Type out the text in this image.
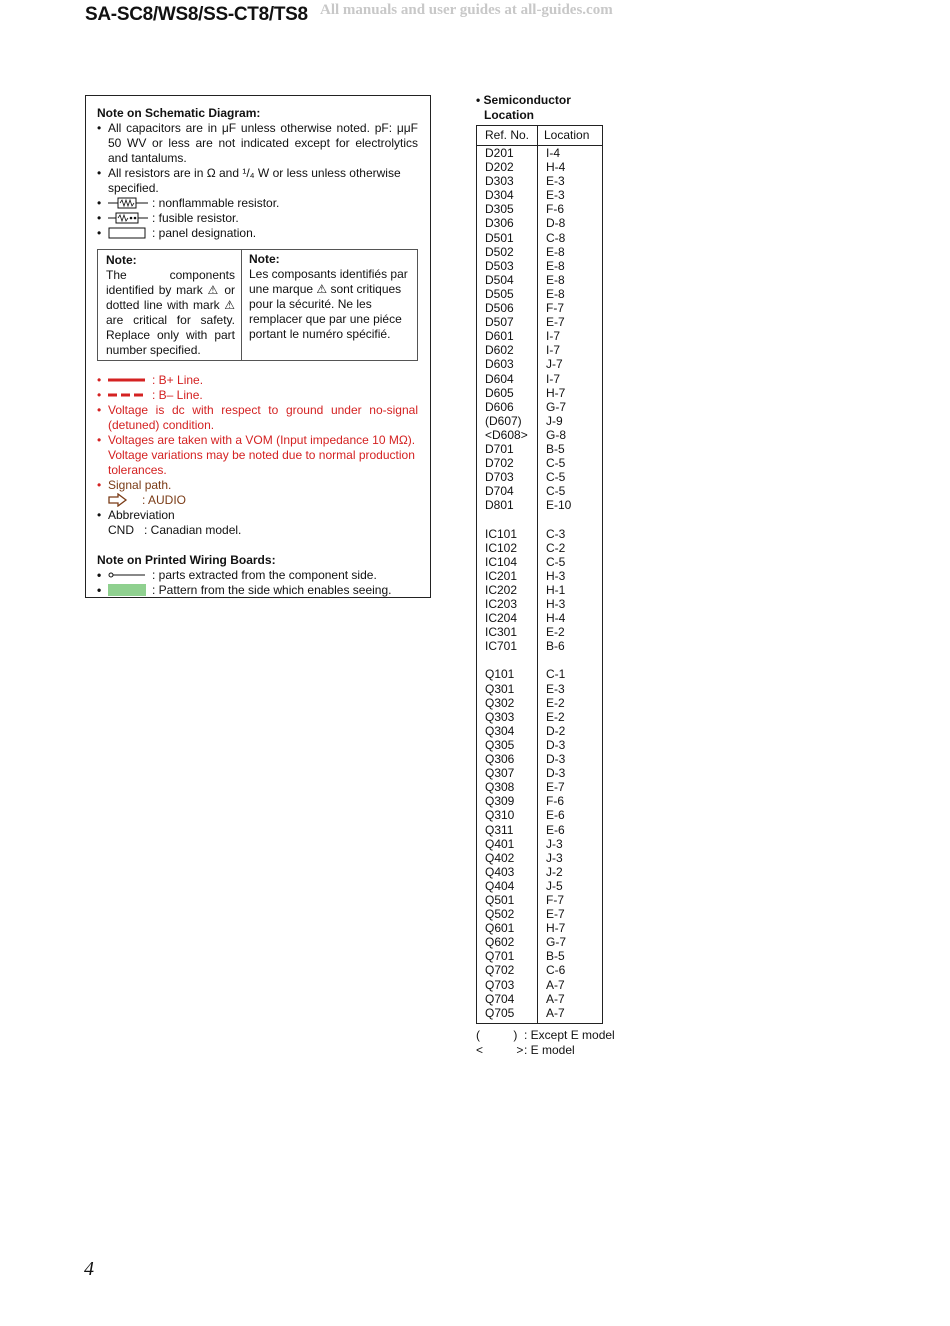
SA-SC8/WS8/SS-CT8/TS8 All manuals and user guides at all-guides.com
Note on Schematic Diagram:
• All capacitors are in μF unless otherwise noted. pF: μμF 50 WV or less are not indicated except for electrolytics and tantalums.
• All resistors are in Ω and ¹/₄ W or less unless otherwise specified.
•	: nonflammable resistor.
•	: fusible resistor.
•	: panel designation.
Note:
The components identified by mark ⚠ or dotted line with mark ⚠ are critical for safety. Replace only with part number specified.
Note:
Les composants identifiés par une marque ⚠ sont critiques pour la sécurité. Ne les remplacer que par une piéce portant le numéro spécifié.
•	: B+ Line.
•	: B– Line.
• Voltage is dc with respect to ground under no-signal (detuned) condition.
• Voltages are taken with a VOM (Input impedance 10 MΩ). Voltage variations may be noted due to normal production tolerances.
• Signal path.
: AUDIO
• Abbreviation
CND : Canadian model.
Note on Printed Wiring Boards:
•	: parts extracted from the component side.
•	: Pattern from the side which enables seeing.
• Semiconductor
Location
Ref. No.	Location
D201	I-4
D202	H-4
D303	E-3
D304	E-3
D305	F-6
D306	D-8
D501	C-8
D502	E-8
D503	E-8
D504	E-8
D505	E-8
D506	F-7
D507	E-7
D601	I-7
D602	I-7
D603	J-7
D604	I-7
D605	H-7
D606	G-7
(D607)	J-9
<D608>	G-8
D701	B-5
D702	C-5
D703	C-5
D704	C-5
D801	E-10
IC101	C-3
IC102	C-2
IC104	C-5
IC201	H-3
IC202	H-1
IC203	H-3
IC204	H-4
IC301	E-2
IC701	B-6
Q101	C-1
Q301	E-3
Q302	E-2
Q303	E-2
Q304	D-2
Q305	D-3
Q306	D-3
Q307	D-3
Q308	E-7
Q309	F-6
Q310	E-6
Q311	E-6
Q401	J-3
Q402	J-3
Q403	J-2
Q404	J-5
Q501	F-7
Q502	E-7
Q601	H-7
Q602	G-7
Q701	B-5
Q702	C-6
Q703	A-7
Q704	A-7
Q705	A-7
(          ) : Except E model
<          > : E model
4
